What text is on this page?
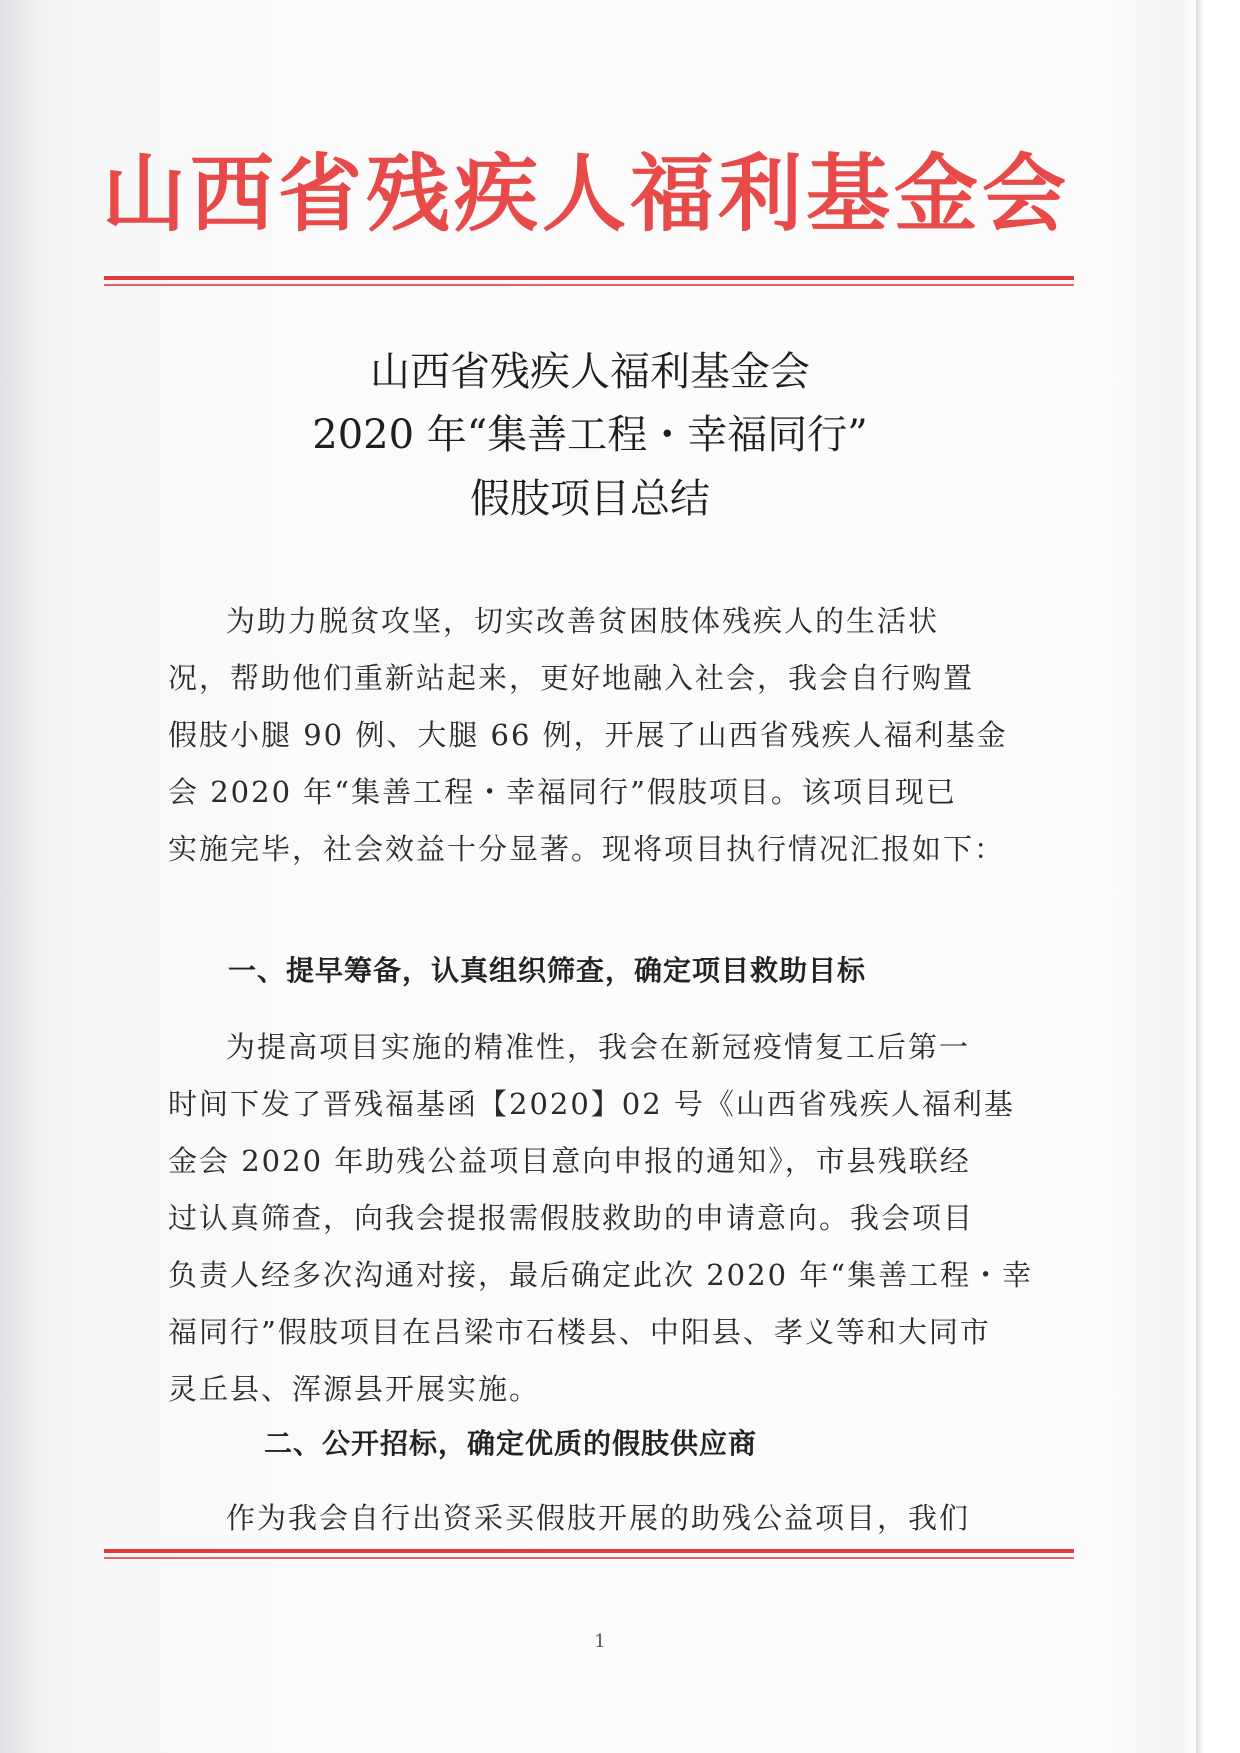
山西省残疾人福利基金会
山西省残疾人福利基金会
2020 年“集善工程・幸福同行”
假肢项目总结
为助力脱贫攻坚，切实改善贫困肢体残疾人的生活状
况，帮助他们重新站起来，更好地融入社会，我会自行购置
假肢小腿 90 例、大腿 66 例，开展了山西省残疾人福利基金
会 2020 年“集善工程・幸福同行”假肢项目。该项目现已
实施完毕，社会效益十分显著。现将项目执行情况汇报如下：
一、提早筹备，认真组织筛查，确定项目救助目标
为提高项目实施的精准性，我会在新冠疫情复工后第一
时间下发了晋残福基函【2020】02 号《山西省残疾人福利基
金会 2020 年助残公益项目意向申报的通知》，市县残联经
过认真筛查，向我会提报需假肢救助的申请意向。我会项目
负责人经多次沟通对接，最后确定此次 2020 年“集善工程・幸
福同行”假肢项目在吕梁市石楼县、中阳县、孝义等和大同市
灵丘县、浑源县开展实施。
二、公开招标，确定优质的假肢供应商
作为我会自行出资采买假肢开展的助残公益项目，我们
1
